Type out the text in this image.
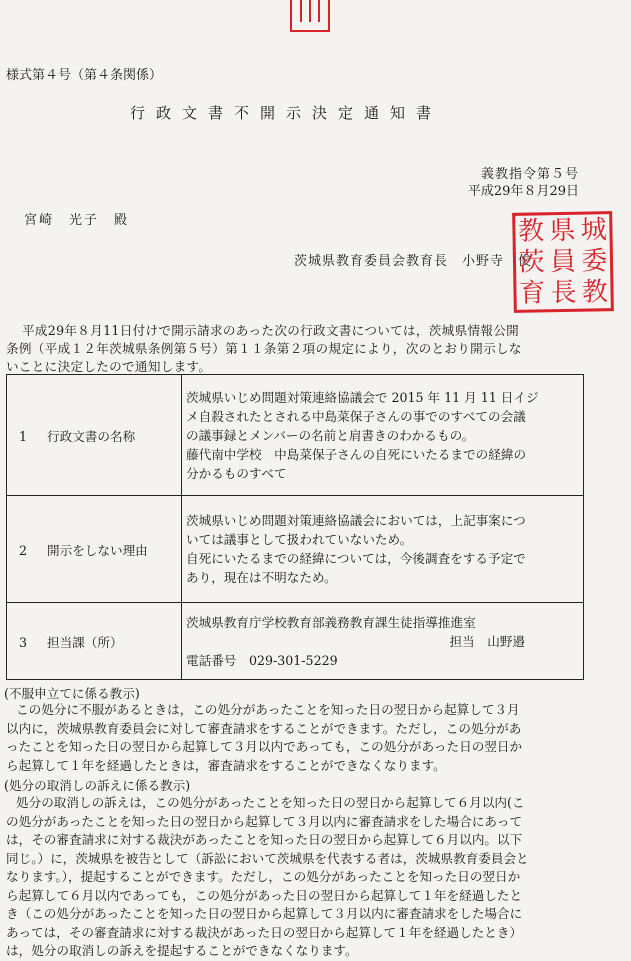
様式第４号（第４条関係）
行政文書不開示決定通知書
義教指令第５号
平成29年８月29日
宮崎　光子　殿
茨城県教育委員会教育長　小野寺　俊
教 県 城
茨 員 委
育 長 教
平成29年８月11日付けで開示請求のあった次の行政文書については，茨城県情報公開
条例（平成１２年茨城県条例第５号）第１１条第２項の規定により，次のとおり開示しな
いことに決定したので通知します。
1 行政文書の名称	茨城県いじめ問題対策連絡協議会で 2015 年 11 月 11 日イジ
メ自殺されたとされる中島菜保子さんの事でのすべての会議
の議事録とメンバーの名前と肩書きのわかるもの。
藤代南中学校　中島菜保子さんの自死にいたるまでの経緯の
分かるものすべて

2 開示をしない理由	茨城県いじめ問題対策連絡協議会においては，上記事案につ
いては議事として扱われていないため。
自死にいたるまでの経緯については，今後調査をする予定で
あり，現在は不明なため。

3 担当課（所）	茨城県教育庁学校教育部義務教育課生徒指導推進室
担当　山野邉
電話番号　029-301-5229
(不服申立てに係る教示)
この処分に不服があるときは，この処分があったことを知った日の翌日から起算して３月
以内に，茨城県教育委員会に対して審査請求をすることができます。ただし，この処分があ
ったことを知った日の翌日から起算して３月以内であっても，この処分があった日の翌日か
ら起算して１年を経過したときは，審査請求をすることができなくなります。
(処分の取消しの訴えに係る教示)
処分の取消しの訴えは，この処分があったことを知った日の翌日から起算して６月以内(こ
の処分があったことを知った日の翌日から起算して３月以内に審査請求をした場合にあって
は，その審査請求に対する裁決があったことを知った日の翌日から起算して６月以内。以下
同じ。）に，茨城県を被告として（訴訟において茨城県を代表する者は，茨城県教育委員会と
なります。），提起することができます。ただし，この処分があったことを知った日の翌日か
ら起算して６月以内であっても，この処分があった日の翌日から起算して１年を経過したと
き（この処分があったことを知った日の翌日から起算して３月以内に審査請求をした場合に
あっては，その審査請求に対する裁決があった日の翌日から起算して１年を経過したとき）
は，処分の取消しの訴えを提起することができなくなります。
